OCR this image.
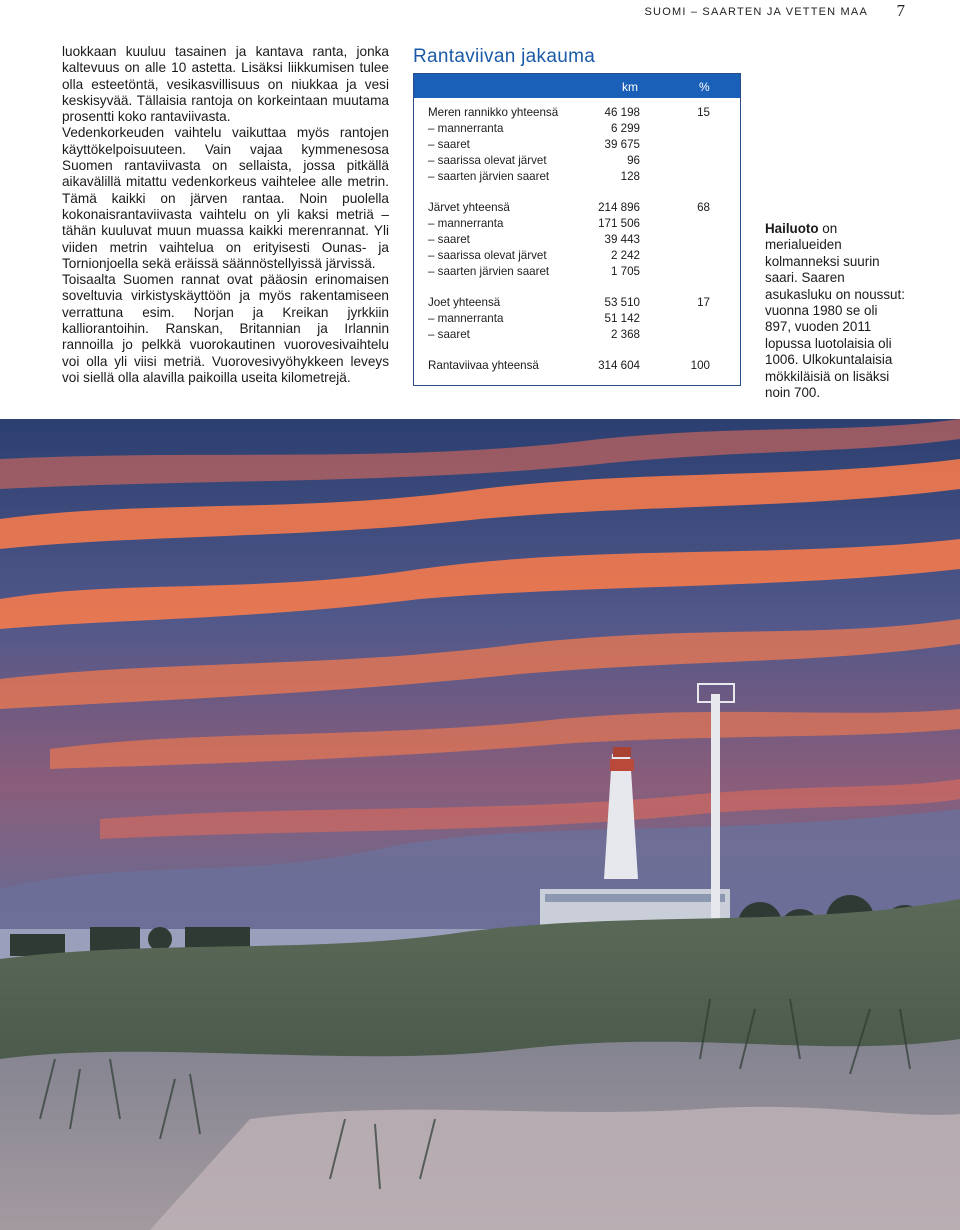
SUOMI – SAARTEN JA VETTEN MAA 7

luokkaan kuuluu tasainen ja kantava ranta, jonka kaltevuus on alle 10 astetta. Lisäksi liikkumisen tulee olla esteetöntä, vesikasvillisuus on niukkaa ja vesi keskisyvää. Tällaisia rantoja on korkeintaan muutama prosentti koko rantaviivasta.

Vedenkorkeuden vaihtelu vaikuttaa myös rantojen käyttökelpoisuuteen. Vain vajaa kymmenesosa Suomen rantaviivasta on sellaista, jossa pitkällä aikavälillä mitattu vedenkorkeus vaihtelee alle metrin. Tämä kaikki on järven rantaa. Noin puolella kokonaisrantaviivasta vaihtelu on yli kaksi metriä – tähän kuuluvat muun muassa kaikki merenrannat. Yli viiden metrin vaihtelua on erityisesti Ounas- ja Tornionjoella sekä eräissä säännöstellyissä järvissä.

Toisaalta Suomen rannat ovat pääosin erinomaisen soveltuvia virkistyskäyttöön ja myös rakentamiseen verrattuna esim. Norjan ja Kreikan jyrkkiin kalliorantoihin. Ranskan, Britannian ja Irlannin rannoilla jo pelkkä vuorokautinen vuorovesivaihtelu voi olla yli viisi metriä. Vuorovesivyöhykkeen leveys voi siellä olla alavilla paikoilla useita kilometrejä.

Rantaviivan jakauma
km	%
Meren rannikko yhteensä	46 198	15
– mannerranta	6 299
– saaret	39 675
– saarissa olevat järvet	96
– saarten järvien saaret	128
Järvet yhteensä	214 896	68
– mannerranta	171 506
– saaret	39 443
– saarissa olevat järvet	2 242
– saarten järvien saaret	1 705
Joet yhteensä	53 510	17
– mannerranta	51 142
– saaret	2 368
Rantaviivaa yhteensä	314 604	100
Hailuoto on merialueiden kolmanneksi suurin saari. Saaren asukasluku on noussut: vuonna 1980 se oli 897, vuoden 2011 lopussa luotolaisia oli 1006. Ulkokuntalaisia mökkiläisiä on lisäksi noin 700.
